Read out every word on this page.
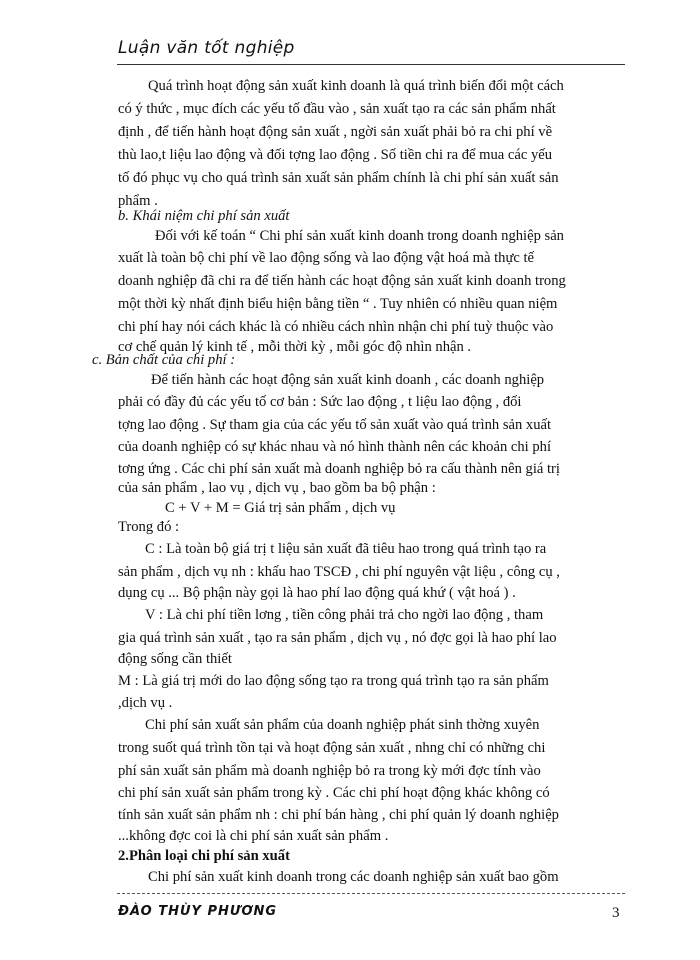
Luận văn tốt nghiệp
Quá trình hoạt động sản xuất kinh doanh là quá trình biến đổi một cách
có ý thức , mục đích các yếu tố đầu vào , sản xuất tạo ra các sản phẩm nhất
định , để tiến hành hoạt động sản xuất , ngời sản xuất phải bỏ ra chi phí về
thù lao,t liệu lao động và đối tợng lao động . Số tiền chi ra để mua các yếu
tố đó phục vụ cho quá trình sản xuất sản phẩm chính là chi phí sản xuất sản
phẩm .
b. Khái niệm chi phí sản xuất
Đối với kế toán “ Chi phí sản xuất kinh doanh trong doanh nghiệp sản
xuất là toàn bộ chi phí về lao động sống và lao động vật hoá mà thực tế
doanh nghiệp đã chi ra để tiến hành các hoạt động sản xuất kinh doanh trong
một thời kỳ nhất định biểu hiện bằng tiền “ . Tuy nhiên có nhiều quan niệm
chi phí hay nói cách khác là có nhiều cách nhìn nhận chi phí tuỳ thuộc vào
cơ chế quản lý kinh tế , mỗi thời kỳ , mỗi góc độ nhìn nhận .
c. Bản chất của chi phí :
Để tiến hành các hoạt động sản xuất kinh doanh , các doanh nghiệp
phải có đầy đủ các yếu tố cơ bản : Sức lao động , t liệu lao động , đối
tợng lao động . Sự tham gia của các yếu tố sản xuất vào quá trình sản xuất
của doanh nghiệp có sự khác nhau và nó hình thành nên các khoản chi phí
tơng ứng . Các chi phí sản xuất mà doanh nghiệp bỏ ra cấu thành nên giá trị
của sản phẩm , lao vụ , dịch vụ , bao gồm ba bộ phận :
C + V + M = Giá trị sản phẩm , dịch vụ
Trong đó :
C : Là toàn bộ giá trị t liệu sản xuất đã tiêu hao trong quá trình tạo ra
sản phẩm , dịch vụ nh : khấu hao TSCĐ , chi phí nguyên vật liệu , công cụ ,
dụng cụ ... Bộ phận này gọi là hao phí lao động quá khứ ( vật hoá ) .
V : Là chi phí tiền lơng , tiền công phải trả cho ngời lao động , tham
gia quá trình sản xuất , tạo ra sản phẩm , dịch vụ , nó đợc gọi là hao phí lao
động sống cần thiết
M : Là giá trị mới do lao động sống tạo ra trong quá trình tạo ra sản phẩm
,dịch vụ .
Chi phí sản xuất sản phẩm của doanh nghiệp phát sinh thờng xuyên
trong suốt quá trình tồn tại và hoạt động sản xuất , nhng chỉ có những chi
phí sản xuất sản phẩm mà doanh nghiệp bỏ ra trong kỳ mới đợc tính vào
chi phí sản xuất sản phẩm trong kỳ . Các chi phí hoạt động khác không có
tính sản xuất sản phẩm nh : chi phí bán hàng , chi phí quản lý doanh nghiệp
...không đợc coi là chi phí sản xuất sản phẩm .
2.Phân loại chi phí sản xuất
Chi phí sản xuất kinh doanh trong các doanh nghiệp sản xuất bao gồm
ĐÀO THÙY PHƯƠNG	3
